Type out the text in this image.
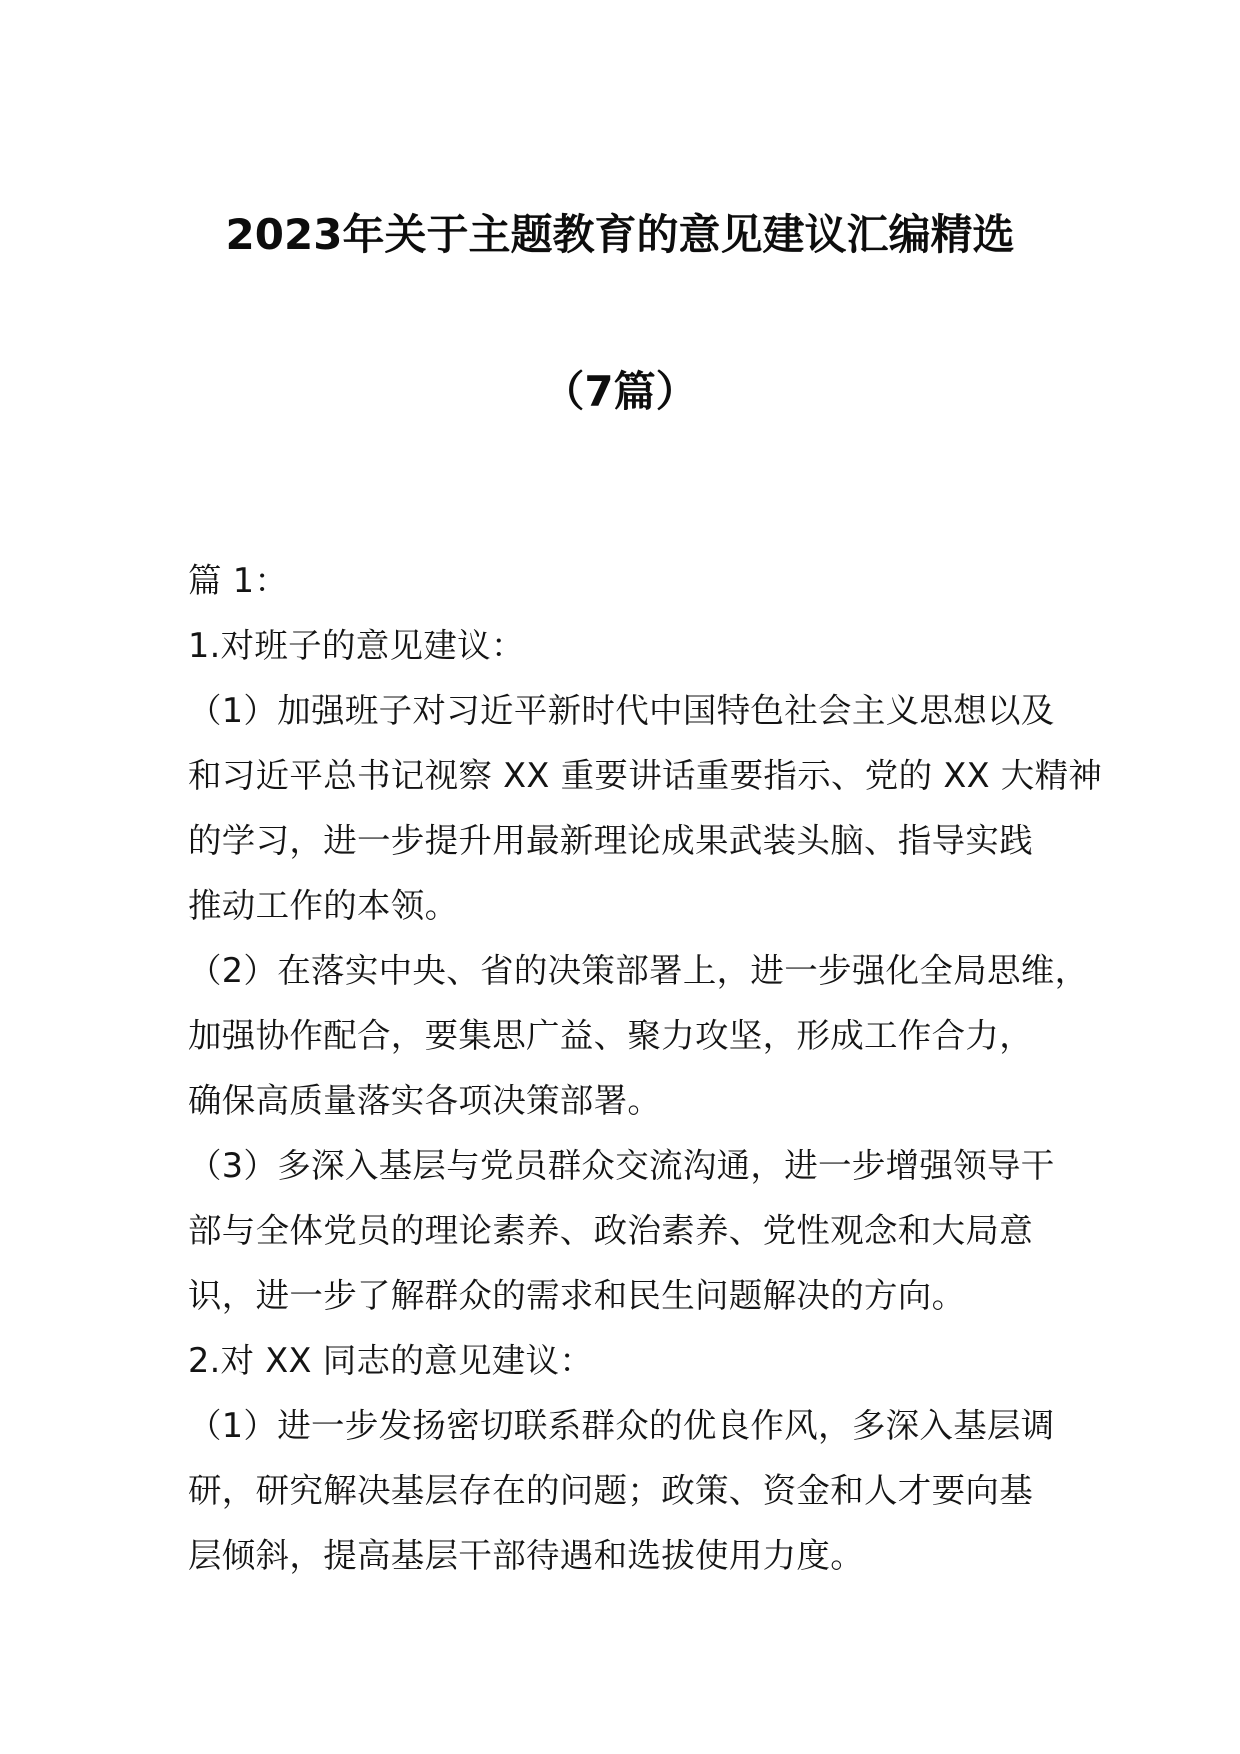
2023年关于主题教育的意见建议汇编精选
（7篇）

篇 1：

1.对班子的意见建议：

（1）加强班子对习近平新时代中国特色社会主义思想以及

和习近平总书记视察 XX 重要讲话重要指示、党的 XX 大精神

的学习，进一步提升用最新理论成果武装头脑、指导实践

推动工作的本领。

（2）在落实中央、省的决策部署上，进一步强化全局思维，

加强协作配合，要集思广益、聚力攻坚，形成工作合力，

确保高质量落实各项决策部署。

（3）多深入基层与党员群众交流沟通，进一步增强领导干

部与全体党员的理论素养、政治素养、党性观念和大局意

识，进一步了解群众的需求和民生问题解决的方向。

2.对 XX 同志的意见建议：

（1）进一步发扬密切联系群众的优良作风，多深入基层调

研，研究解决基层存在的问题；政策、资金和人才要向基

层倾斜，提高基层干部待遇和选拔使用力度。
